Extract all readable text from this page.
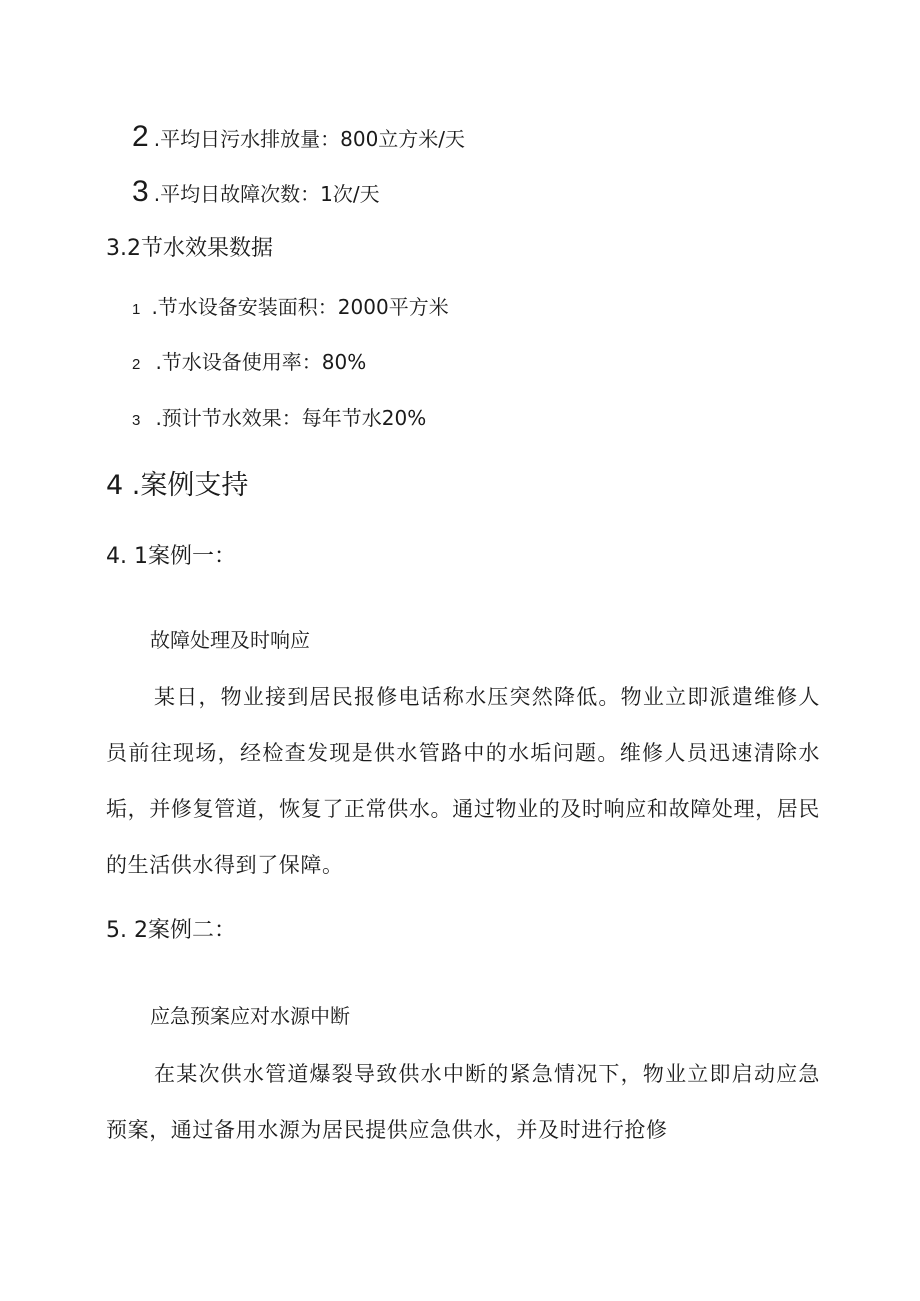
2 .平均日污水排放量：800立方米/天
3 .平均日故障次数：1次/天
3.2节水效果数据
1 .节水设备安装面积：2000平方米
2 .节水设备使用率：80%
3 .预计节水效果：每年节水20%
4 .案例支持
4. 1案例一：
故障处理及时响应
某日，物业接到居民报修电话称水压突然降低。物业立即派遣维修人员前往现场，经检查发现是供水管路中的水垢问题。维修人员迅速清除水垢，并修复管道，恢复了正常供水。通过物业的及时响应和故障处理，居民的生活供水得到了保障。
5. 2案例二：
应急预案应对水源中断
在某次供水管道爆裂导致供水中断的紧急情况下，物业立即启动应急预案，通过备用水源为居民提供应急供水，并及时进行抢修
